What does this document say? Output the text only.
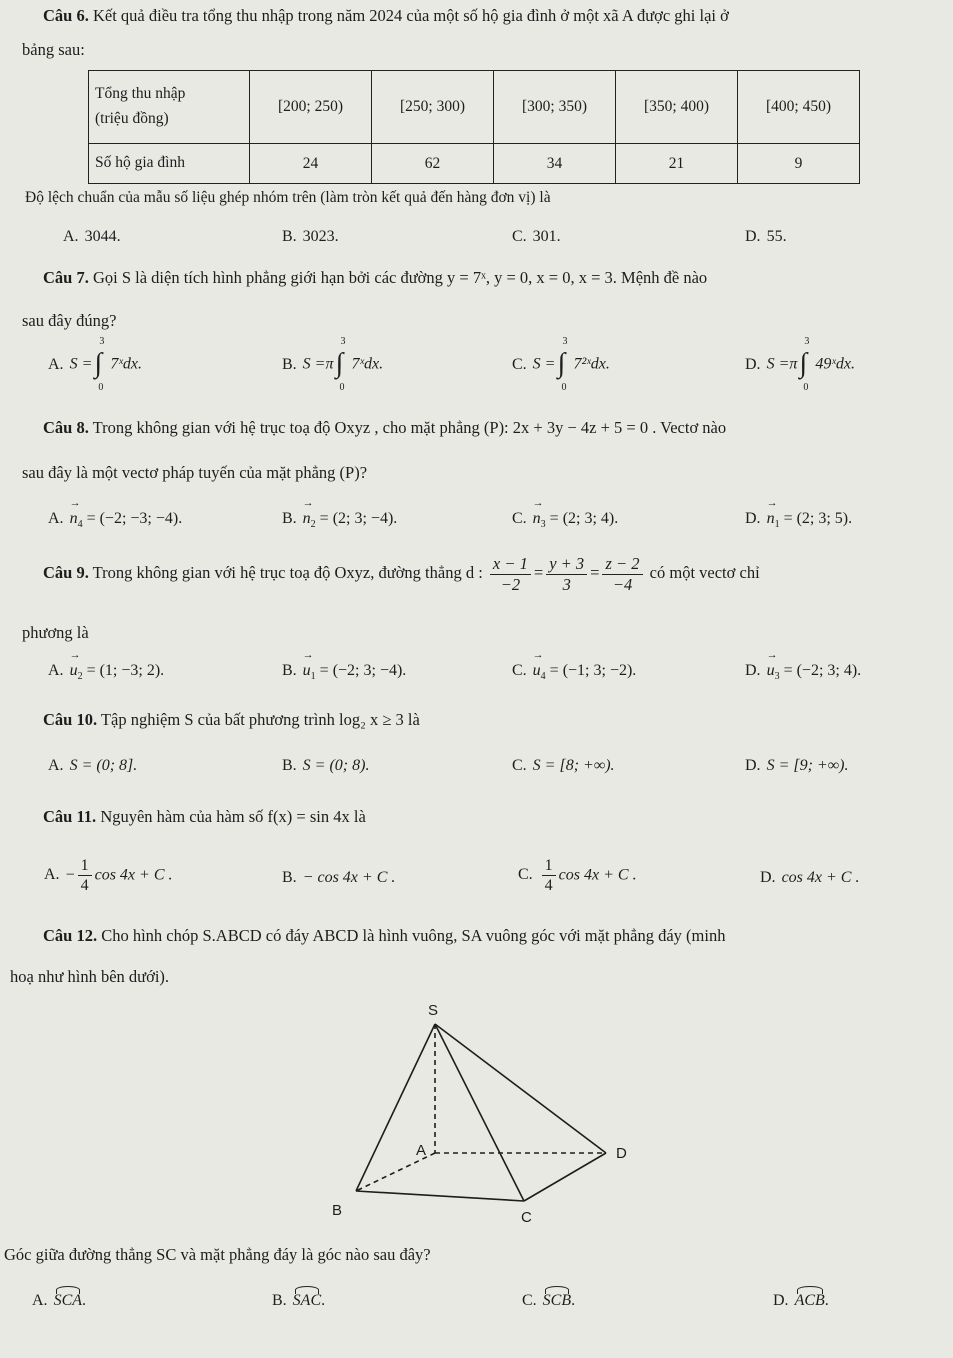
Câu 6. Kết quả điều tra tổng thu nhập trong năm 2024 của một số hộ gia đình ở một xã A được ghi lại ở
bảng sau:
Tổng thu nhập
(triệu đồng)	[200; 250)	[250; 300)	[300; 350)	[350; 400)	[400; 450)
Số hộ gia đình	24	62	34	21	9
Độ lệch chuẩn của mẫu số liệu ghép nhóm trên (làm tròn kết quả đến hàng đơn vị) là
A. 3044.	B. 3023.	C. 301.	D. 55.
Câu 7. Gọi S là diện tích hình phẳng giới hạn bởi các đường y = 7ˣ, y = 0, x = 0, x = 3. Mệnh đề nào
sau đây đúng?
A. S =
3
∫
0
7ˣdx.	B. S =π
3
∫
0
7ˣdx.	C. S =
3
∫
0
7²ˣdx.	D. S =π
3
∫
0
49ˣdx.
Câu 8. Trong không gian với hệ trục toạ độ Oxyz , cho mặt phẳng (P): 2x + 3y − 4z + 5 = 0 . Vectơ nào
sau đây là một vectơ pháp tuyến của mặt phẳng (P)?
A. → $n_4 = (-2$; −3; −4).	B. → $n_2 = (2$; 3; −4).	C. → $n_3 = (2$; 3; 4).	D. → $n_1 = (2$; 3; 5).
Câu 9. Trong không gian với hệ trục toạ độ Oxyz, đường thẳng d : $\frac{x - 1}{-2} = \frac{y + 3}{3} = \frac{z - 2}{-4}$ có một vectơ chỉ
phương là
A. → $u_2 = (1$; −3; 2).	B. → $u_1 = (-2$; 3; −4).	C. → $u_4 = (-1$; 3; −2).	D. → $u_3 = (-2$; 3; 4).
Câu 10. Tập nghiệm S của bất phương trình log₂ x ≥ 3 là
A. S = (0; 8].	B. S = (0; 8).	C. S = [8; +∞).	D. S = [9; +∞).
Câu 11. Nguyên hàm của hàm số f(x) = sin 4x là
A. − $\frac{1}{4}$ cos 4x + C .	B. − cos 4x + C .	C. $\frac{1}{4}$ cos 4x + C .	D. cos 4x + C .
Câu 12. Cho hình chóp S.ABCD có đáy ABCD là hình vuông, SA vuông góc với mặt phẳng đáy (minh
hoạ như hình bên dưới).
S
A
B	C
D
Góc giữa đường thẳng SC và mặt phẳng đáy là góc nào sau đây?
A. SCA.	B. SAC.	C. SCB.	D. ACB.
